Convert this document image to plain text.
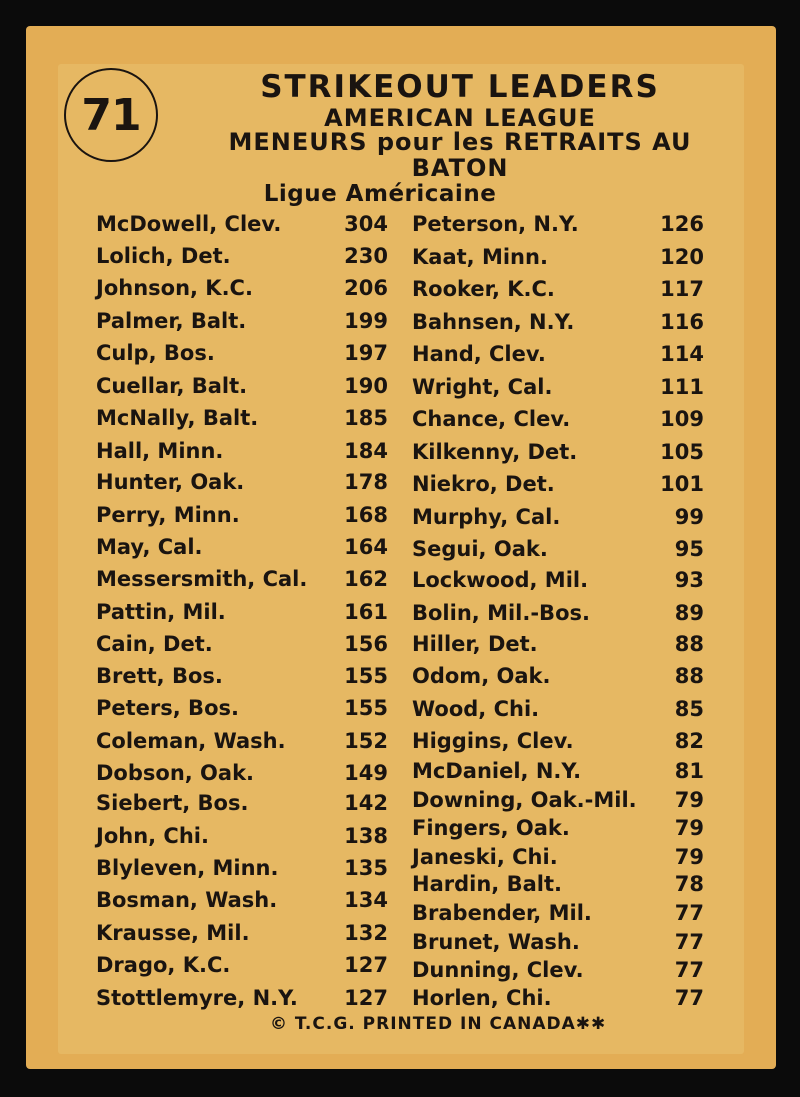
71
STRIKEOUT LEADERS
AMERICAN LEAGUE
MENEURS pour les RETRAITS AU
BATON
Ligue Américaine
McDowell, Clev.	304
Lolich, Det.	230
Johnson, K.C.	206
Palmer, Balt.	199
Culp, Bos.	197
Cuellar, Balt.	190
McNally, Balt.	185
Hall, Minn.	184
Hunter, Oak.	178
Perry, Minn.	168
May, Cal.	164
Messersmith, Cal.	162
Pattin, Mil.	161
Cain, Det.	156
Brett, Bos.	155
Peters, Bos.	155
Coleman, Wash.	152
Dobson, Oak.	149
Siebert, Bos.	142
John, Chi.	138
Blyleven, Minn.	135
Bosman, Wash.	134
Krausse, Mil.	132
Drago, K.C.	127
Stottlemyre, N.Y.	127
Peterson, N.Y.	126
Kaat, Minn.	120
Rooker, K.C.	117
Bahnsen, N.Y.	116
Hand, Clev.	114
Wright, Cal.	111
Chance, Clev.	109
Kilkenny, Det.	105
Niekro, Det.	101
Murphy, Cal.	99
Segui, Oak.	95
Lockwood, Mil.	93
Bolin, Mil.-Bos.	89
Hiller, Det.	88
Odom, Oak.	88
Wood, Chi.	85
Higgins, Clev.	82
McDaniel, N.Y.	81
Downing, Oak.-Mil.	79
Fingers, Oak.	79
Janeski, Chi.	79
Hardin, Balt.	78
Brabender, Mil.	77
Brunet, Wash.	77
Dunning, Clev.	77
Horlen, Chi.	77
© T.C.G. PRINTED IN CANADA✱✱
